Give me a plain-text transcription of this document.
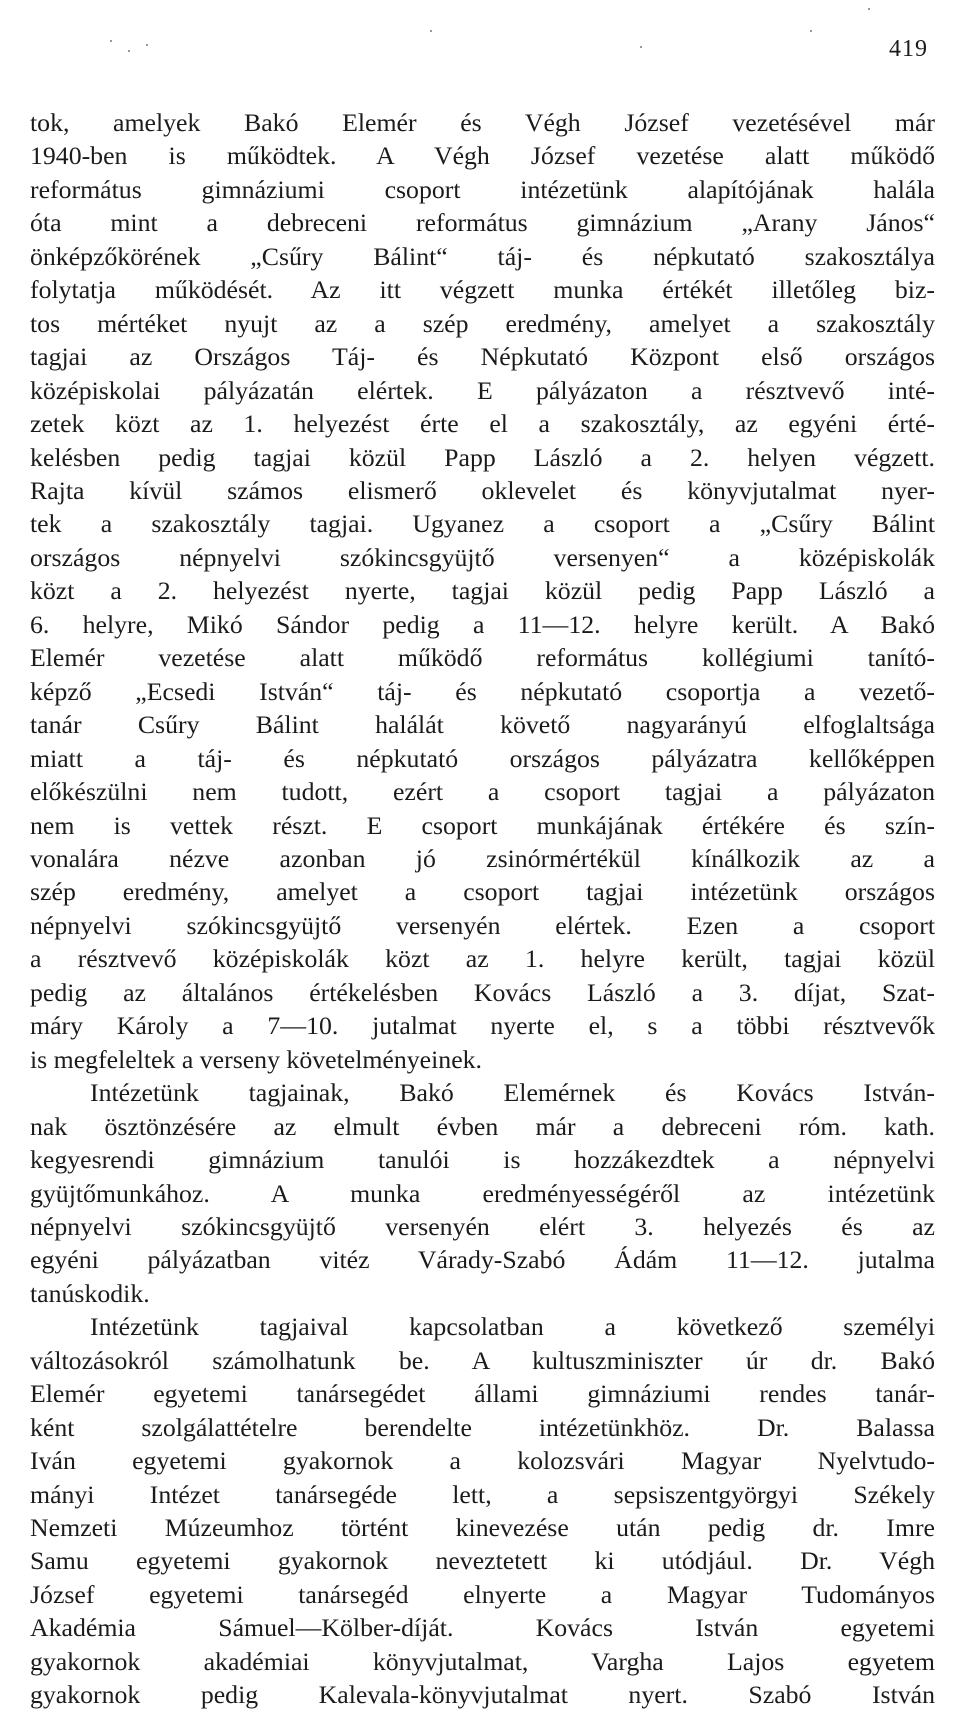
419

tok, amelyek Bakó Elemér és Végh József vezetésével már

1940-ben is működtek. A Végh József vezetése alatt működő

református gimnáziumi csoport intézetünk alapítójának halála

óta mint a debreceni református gimnázium „Arany János“

önképzőkörének „Csűry Bálint“ táj- és népkutató szakosztálya

folytatja működését. Az itt végzett munka értékét illetőleg biz-

tos mértéket nyujt az a szép eredmény, amelyet a szakosztály

tagjai az Országos Táj- és Népkutató Központ első országos

középiskolai pályázatán elértek. E pályázaton a résztvevő inté-

zetek közt az 1. helyezést érte el a szakosztály, az egyéni érté-

kelésben pedig tagjai közül Papp László a 2. helyen végzett.

Rajta kívül számos elismerő oklevelet és könyvjutalmat nyer-

tek a szakosztály tagjai. Ugyanez a csoport a „Csűry Bálint

országos népnyelvi szókincsgyüjtő versenyen“ a középiskolák

közt a 2. helyezést nyerte, tagjai közül pedig Papp László a

6. helyre, Mikó Sándor pedig a 11—12. helyre került. A Bakó

Elemér vezetése alatt működő református kollégiumi tanító-

képző „Ecsedi István“ táj- és népkutató csoportja a vezető-

tanár Csűry Bálint halálát követő nagyarányú elfoglaltsága

miatt a táj- és népkutató országos pályázatra kellőképpen

előkészülni nem tudott, ezért a csoport tagjai a pályázaton

nem is vettek részt. E csoport munkájának értékére és szín-

vonalára nézve azonban jó zsinórmértékül kínálkozik az a

szép eredmény, amelyet a csoport tagjai intézetünk országos

népnyelvi szókincsgyüjtő versenyén elértek. Ezen a csoport

a résztvevő középiskolák közt az 1. helyre került, tagjai közül

pedig az általános értékelésben Kovács László a 3. díjat, Szat-

máry Károly a 7—10. jutalmat nyerte el, s a többi résztvevők

is megfeleltek a verseny követelményeinek.

Intézetünk tagjainak, Bakó Elemérnek és Kovács István-

nak ösztönzésére az elmult évben már a debreceni róm. kath.

kegyesrendi gimnázium tanulói is hozzákezdtek a népnyelvi

gyüjtőmunkához. A munka eredményességéről az intézetünk

népnyelvi szókincsgyüjtő versenyén elért 3. helyezés és az

egyéni pályázatban vitéz Várady-Szabó Ádám 11—12. jutalma

tanúskodik.

Intézetünk tagjaival kapcsolatban a következő személyi

változásokról számolhatunk be. A kultuszminiszter úr dr. Bakó

Elemér egyetemi tanársegédet állami gimnáziumi rendes tanár-

ként szolgálattételre berendelte intézetünkhöz. Dr. Balassa

Iván egyetemi gyakornok a kolozsvári Magyar Nyelvtudo-

mányi Intézet tanársegéde lett, a sepsiszentgyörgyi Székely

Nemzeti Múzeumhoz történt kinevezése után pedig dr. Imre

Samu egyetemi gyakornok neveztetett ki utódjául. Dr. Végh

József egyetemi tanársegéd elnyerte a Magyar Tudományos

Akadémia Sámuel—Kölber-díját. Kovács István egyetemi

gyakornok akadémiai könyvjutalmat, Vargha Lajos egyetem

gyakornok pedig Kalevala-könyvjutalmat nyert. Szabó István
